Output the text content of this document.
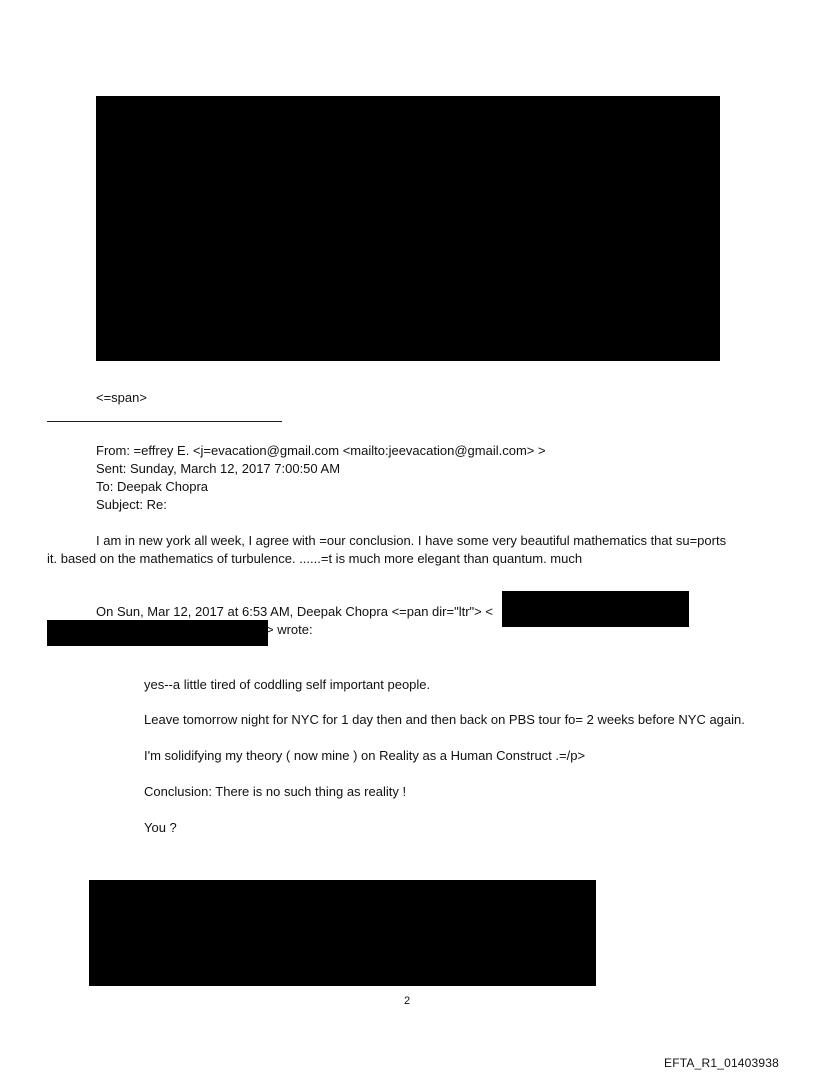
<=span>
From: =effrey E. <j=evacation@gmail.com <mailto:jeevacation@gmail.com> >
Sent: Sunday, March 12, 2017 7:00:50 AM
To: Deepak Chopra
Subject: Re:
I am in new york all week, I agree with =our conclusion. I have some very beautiful mathematics that su=ports
it. based on the mathematics of turbulence. ......=t is much more elegant than quantum. much
On Sun, Mar 12, 2017 at 6:53 AM, Deepak Chopra <=pan dir="ltr"> <
> wrote:
yes--a little tired of coddling self important people.
Leave tomorrow night for NYC for 1 day then and then back on PBS tour fo= 2 weeks before NYC again.
I'm solidifying my theory ( now mine ) on Reality as a Human Construct .=/p>
Conclusion: There is no such thing as reality !
You ?
2
EFTA_R1_01403938
